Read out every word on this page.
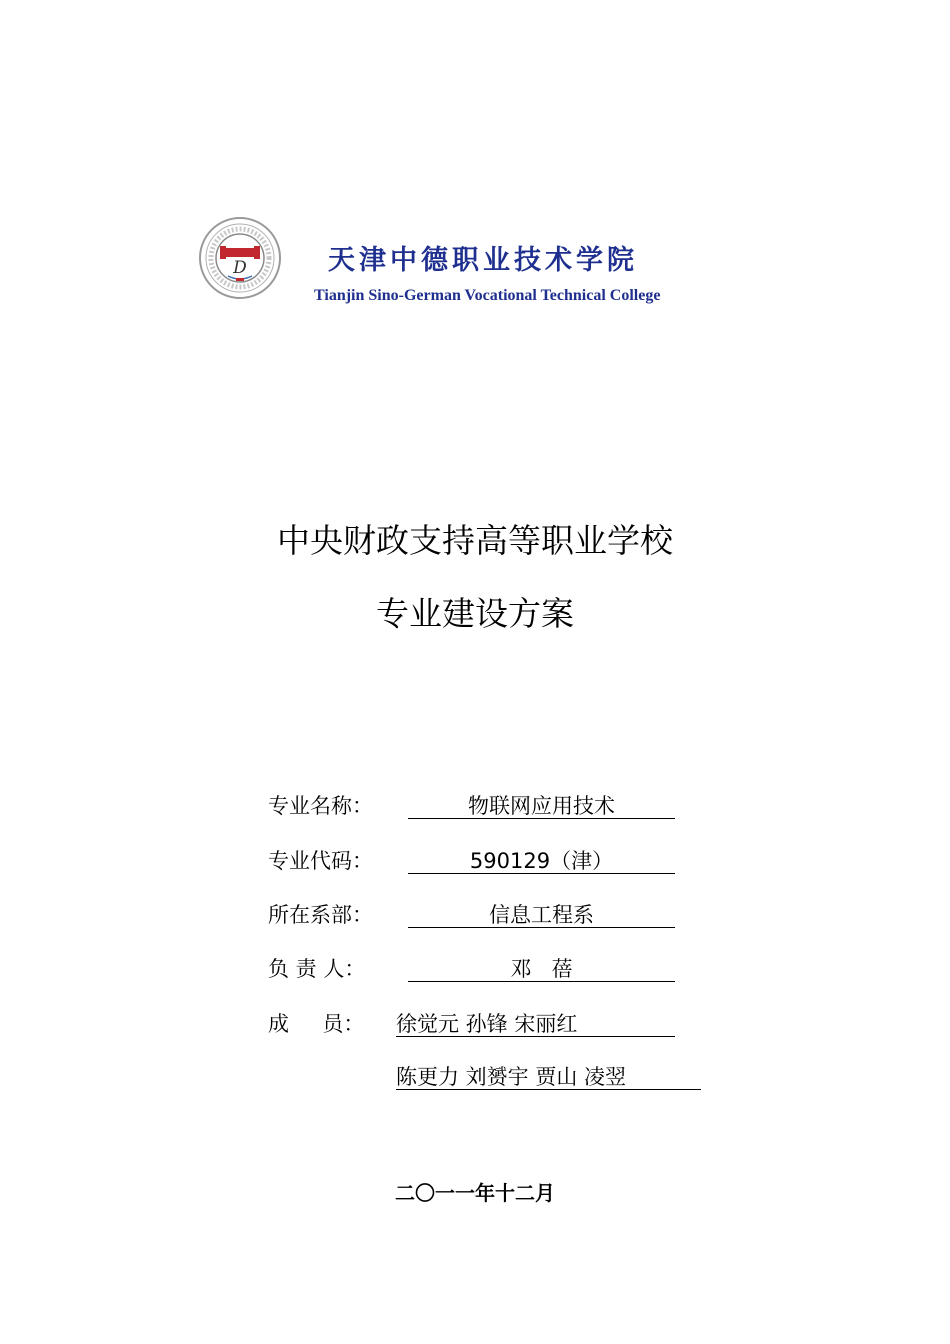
D	天津中德职业技术学院
Tianjin Sino-German Vocational Technical College
中央财政支持高等职业学校
专业建设方案
专业名称：	物联网应用技术
专业代码：	590129（津）
所在系部：	信息工程系
负 责 人：	邓   蓓
成     员： 徐觉元 孙锋 宋丽红
陈更力 刘赟宇 贾山 凌翌
二〇一一年十二月
